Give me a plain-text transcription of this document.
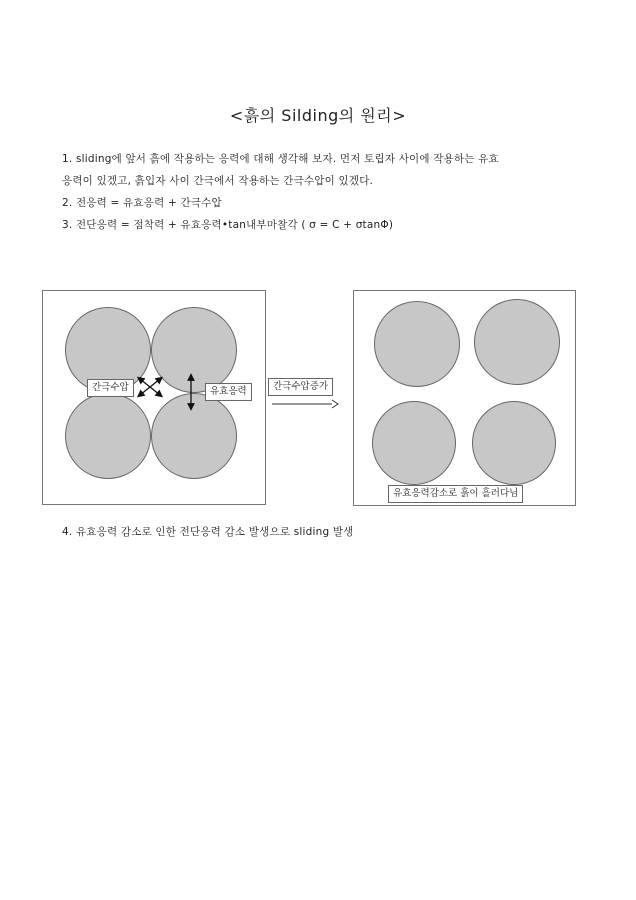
<흙의 Silding의 원리>
1. sliding에 앞서 흙에 작용하는 응력에 대해 생각해 보자. 먼저 토립자 사이에 작용하는 유효
응력이 있겠고, 흙입자 사이 간극에서 작용하는 간극수압이 있겠다.
2. 전응력 = 유효응력 + 간극수압
3. 전단응력 = 점착력 + 유효응력•tan내부마찰각 ( σ = C + σtanΦ)
간극수압	유효응력	간극수압증가
유효응력감소로 흙이 흘러다님
4. 유효응력 감소로 인한 전단응력 감소 발생으로 sliding 발생
